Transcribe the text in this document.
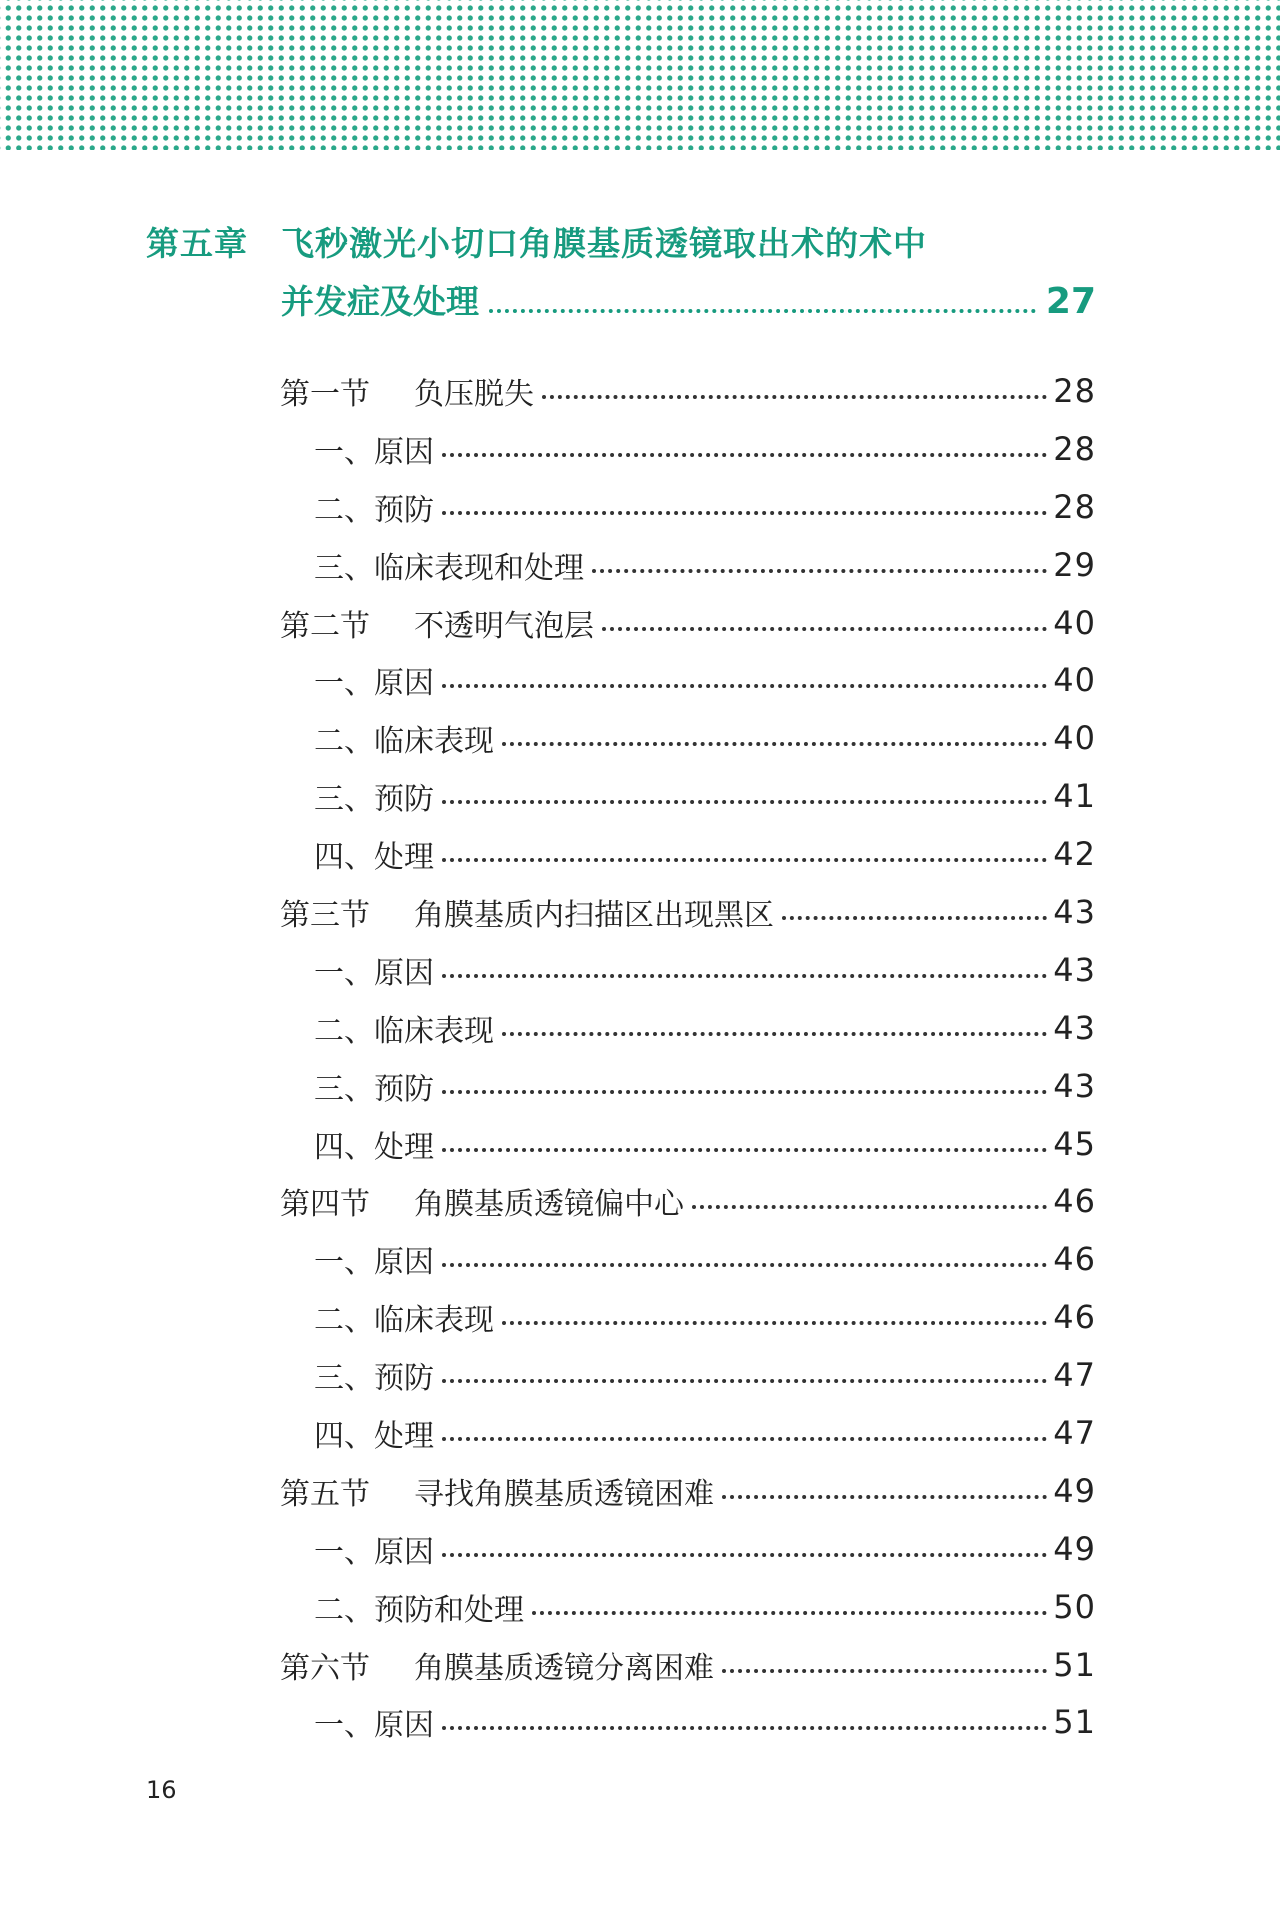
第五章 飞秒激光小切口角膜基质透镜取出术的术中
并发症及处理	27
第一节	负压脱失	28
一、 原因	28
二、 预防	28
三、 临床表现和处理	29
第二节	不透明气泡层	40
一、 原因	40
二、 临床表现	40
三、 预防	41
四、 处理	42
第三节	角膜基质内扫描区出现黑区	43
一、 原因	43
二、 临床表现	43
三、 预防	43
四、 处理	45
第四节	角膜基质透镜偏中心	46
一、 原因	46
二、 临床表现	46
三、 预防	47
四、 处理	47
第五节	寻找角膜基质透镜困难	49
一、 原因	49
二、 预防和处理	50
第六节	角膜基质透镜分离困难	51
一、 原因	51
16
